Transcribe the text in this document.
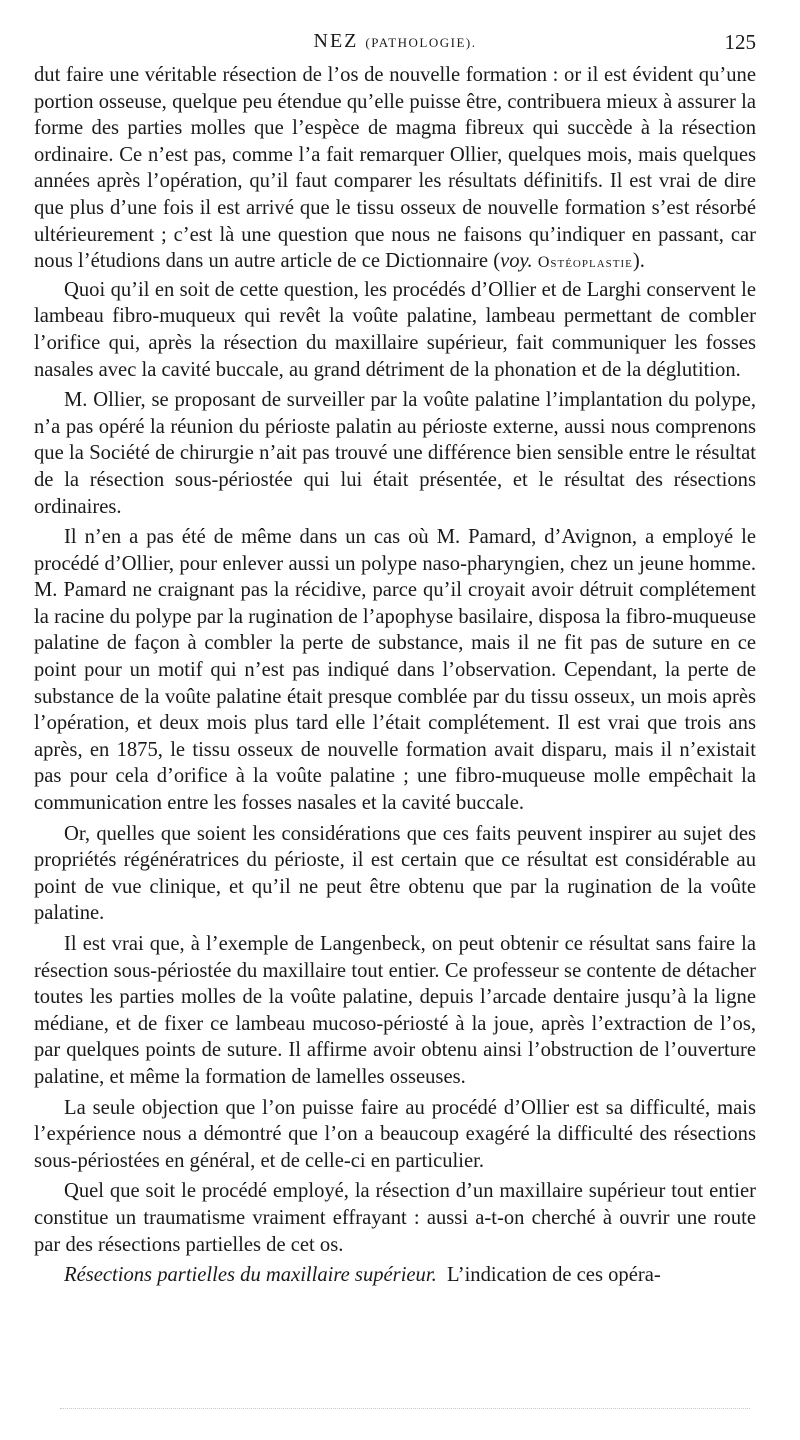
NEZ (PATHOLOGIE).	125

dut faire une véritable résection de l’os de nouvelle formation : or il est évident qu’une portion osseuse, quelque peu étendue qu’elle puisse être, contribuera mieux à assurer la forme des parties molles que l’espèce de magma fibreux qui succède à la résection ordinaire. Ce n’est pas, comme l’a fait remarquer Ollier, quelques mois, mais quelques années après l’opération, qu’il faut comparer les résultats définitifs. Il est vrai de dire que plus d’une fois il est arrivé que le tissu osseux de nouvelle formation s’est résorbé ultérieurement ; c’est là une question que nous ne faisons qu’indiquer en passant, car nous l’étudions dans un autre article de ce Dictionnaire (voy. Ostéoplastie).

Quoi qu’il en soit de cette question, les procédés d’Ollier et de Larghi conservent le lambeau fibro-muqueux qui revêt la voûte palatine, lambeau permettant de combler l’orifice qui, après la résection du maxillaire supérieur, fait communiquer les fosses nasales avec la cavité buccale, au grand détriment de la phonation et de la déglutition.

M. Ollier, se proposant de surveiller par la voûte palatine l’implantation du polype, n’a pas opéré la réunion du périoste palatin au périoste externe, aussi nous comprenons que la Société de chirurgie n’ait pas trouvé une différence bien sensible entre le résultat de la résection sous-périostée qui lui était présentée, et le résultat des résections ordinaires.

Il n’en a pas été de même dans un cas où M. Pamard, d’Avignon, a employé le procédé d’Ollier, pour enlever aussi un polype naso-pharyngien, chez un jeune homme. M. Pamard ne craignant pas la récidive, parce qu’il croyait avoir détruit complétement la racine du polype par la rugination de l’apophyse basilaire, disposa la fibro-muqueuse palatine de façon à combler la perte de substance, mais il ne fit pas de suture en ce point pour un motif qui n’est pas indiqué dans l’observation. Cependant, la perte de substance de la voûte palatine était presque comblée par du tissu osseux, un mois après l’opération, et deux mois plus tard elle l’était complétement. Il est vrai que trois ans après, en 1875, le tissu osseux de nouvelle formation avait disparu, mais il n’existait pas pour cela d’orifice à la voûte palatine ; une fibro-muqueuse molle empêchait la communication entre les fosses nasales et la cavité buccale.

Or, quelles que soient les considérations que ces faits peuvent inspirer au sujet des propriétés régénératrices du périoste, il est certain que ce résultat est considérable au point de vue clinique, et qu’il ne peut être obtenu que par la rugination de la voûte palatine.

Il est vrai que, à l’exemple de Langenbeck, on peut obtenir ce résultat sans faire la résection sous-périostée du maxillaire tout entier. Ce professeur se contente de détacher toutes les parties molles de la voûte palatine, depuis l’arcade dentaire jusqu’à la ligne médiane, et de fixer ce lambeau mucoso-périosté à la joue, après l’extraction de l’os, par quelques points de suture. Il affirme avoir obtenu ainsi l’obstruction de l’ouverture palatine, et même la formation de lamelles osseuses.

La seule objection que l’on puisse faire au procédé d’Ollier est sa difficulté, mais l’expérience nous a démontré que l’on a beaucoup exagéré la difficulté des résections sous-périostées en général, et de celle-ci en particulier.

Quel que soit le procédé employé, la résection d’un maxillaire supérieur tout entier constitue un traumatisme vraiment effrayant : aussi a-t-on cherché à ouvrir une route par des résections partielles de cet os.

Résections partielles du maxillaire supérieur. L’indication de ces opéra-
